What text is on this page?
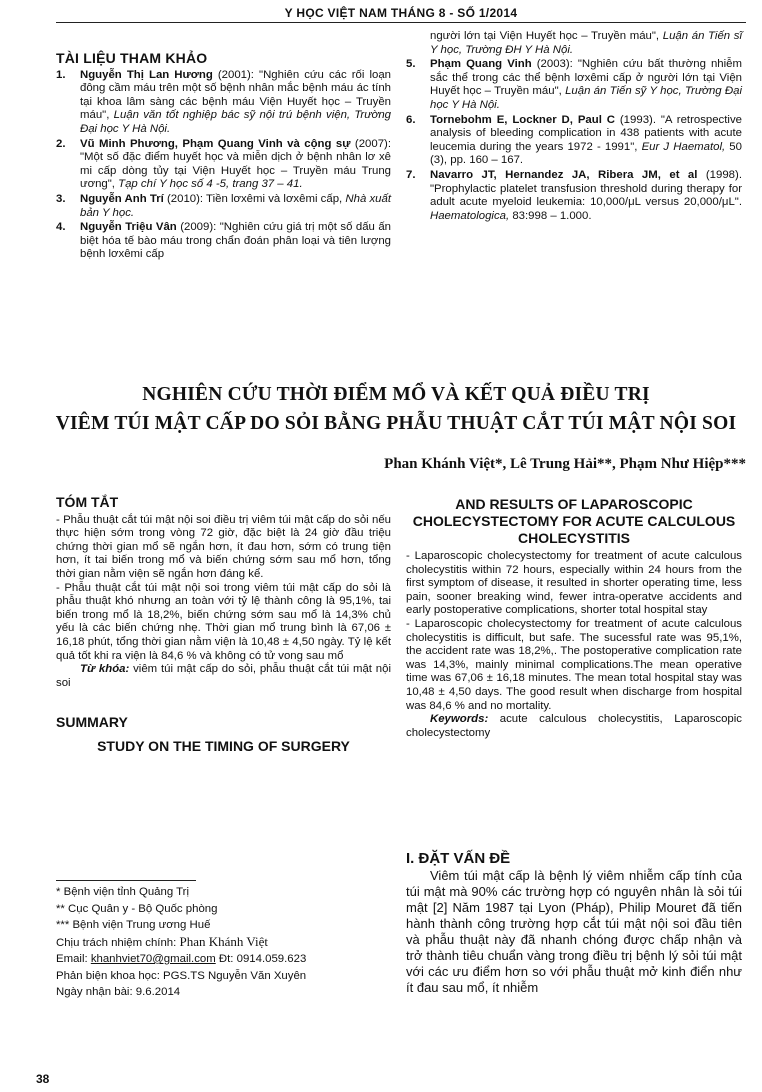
Y HỌC VIỆT NAM THÁNG 8 - SỐ 1/2014
TÀI LIỆU THAM KHẢO
1.	Nguyễn Thị Lan Hương (2001): "Nghiên cứu các rối loạn đông cầm máu trên một số bệnh nhân mắc bệnh máu ác tính tại khoa lâm sàng các bệnh máu Viện Huyết học – Truyền máu", Luận văn tốt nghiệp bác sỹ nội trú bệnh viện, Trường Đại học Y Hà Nội.
2.	Vũ Minh Phương, Phạm Quang Vinh và cộng sự (2007): "Một số đặc điểm huyết học và miễn dịch ở bệnh nhân lơ xê mi cấp dòng tủy tại Viện Huyết học – Truyền máu Trung ương", Tạp chí Y học số 4 -5, trang 37 – 41.
3.	Nguyễn Anh Trí (2010): Tiền lơxêmi và lơxêmi cấp, Nhà xuất bản Y học.
4.	Nguyễn Triệu Vân (2009): "Nghiên cứu giá trị một số dấu ấn biệt hóa tế bào máu trong chẩn đoán phân loại và tiên lượng bệnh lơxêmi cấp
người lớn tại Viện Huyết học – Truyền máu", Luận án Tiến sĩ Y học, Trường ĐH Y Hà Nội.
5.	Phạm Quang Vinh (2003): "Nghiên cứu bất thường nhiễm sắc thể trong các thể bệnh lơxêmi cấp ở người lớn tại Viện Huyết học – Truyền máu", Luận án Tiến sỹ Y học, Trường Đại học Y Hà Nội.
6.	Tornebohm E, Lockner D, Paul C (1993). "A retrospective analysis of bleeding complication in 438 patients with acute leucemia during the years 1972 - 1991", Eur J Haematol, 50 (3), pp. 160 – 167.
7.	Navarro JT, Hernandez JA, Ribera JM, et al (1998). "Prophylactic platelet transfusion threshold during therapy for adult acute myeloid leukemia: 10,000/μL versus 20,000/μL". Haematologica, 83:998 – 1.000.
NGHIÊN CỨU THỜI ĐIỂM MỔ VÀ KẾT QUẢ ĐIỀU TRỊ
VIÊM TÚI MẬT CẤP DO SỎI BẰNG PHẪU THUẬT CẮT TÚI MẬT NỘI SOI
Phan Khánh Việt*, Lê Trung Hải**, Phạm Như Hiệp***
TÓM TẮT

- Phẫu thuật cắt túi mật nội soi điều trị viêm túi mật cấp do sỏi nếu thực hiện sớm trong vòng 72 giờ, đặc biệt là 24 giờ đầu triệu chứng thời gian mổ sẽ ngắn hơn, ít đau hơn, sớm có trung tiện hơn, ít tai biến trong mổ và biến chứng sớm sau mổ hơn, tổng thời gian nằm viện sẽ ngắn hơn đáng kể.

- Phẫu thuật cắt túi mật nội soi trong viêm túi mật cấp do sỏi là phẫu thuật khó nhưng an toàn với tỷ lệ thành công là 95,1%, tai biến trong mổ là 18,2%, biến chứng sớm sau mổ là 14,3% chủ yếu là các biến chứng nhẹ. Thời gian mổ trung bình là 67,06 ± 16,18 phút, tổng thời gian nằm viện là 10,48 ± 4,50 ngày. Tỷ lệ kết quả tốt khi ra viện là 84,6 % và không có tử vong sau mổ

Từ khóa: viêm túi mật cấp do sỏi, phẫu thuật cắt túi mật nội soi

SUMMARY
STUDY ON THE TIMING OF SURGERY
* Bệnh viện tỉnh Quảng Trị
** Cục Quân y - Bộ Quốc phòng
*** Bệnh viện Trung ương Huế
Chịu trách nhiệm chính: Phan Khánh Việt
Email: khanhviet70@gmail.com Đt: 0914.059.623
Phản biện khoa học: PGS.TS Nguyễn Văn Xuyên
Ngày nhận bài: 9.6.2014
AND RESULTS OF LAPAROSCOPIC CHOLECYSTECTOMY FOR ACUTE CALCULOUS CHOLECYSTITIS

- Laparoscopic cholecystectomy for treatment of acute calculous cholecystitis within 72 hours, especially within 24 hours from the first symptom of disease, it resulted in shorter operating time, less pain, sooner breaking wind, fewer intra-operatve accidents and early postoperative complications, shorter total hospital stay

- Laparoscopic cholecystectomy for treatment of acute calculous cholecystitis is difficult, but safe. The sucessful rate was 95,1%, the accident rate was 18,2%,. The postoperative complication rate was 14,3%, mainly minimal complications.The mean operative time was 67,06 ± 16,18 minutes. The mean total hospital stay was 10,48 ± 4,50 days. The good result when discharge from hospital was 84,6 % and no mortality.

Keywords: acute calculous cholecystitis, Laparoscopic cholecystectomy

I. ĐẶT VẤN ĐỀ

Viêm túi mật cấp là bệnh lý viêm nhiễm cấp tính của túi mật mà 90% các trường hợp có nguyên nhân là sỏi túi mật [2] Năm 1987 tại Lyon (Pháp), Philip Mouret đã tiến hành thành công trường hợp cắt túi mật nội soi đầu tiên và phẫu thuật này đã nhanh chóng được chấp nhận và trở thành tiêu chuẩn vàng trong điều trị bệnh lý sỏi túi mật với các ưu điểm hơn so với phẫu thuật mở kinh điển như ít đau sau mổ, ít nhiễm

38
